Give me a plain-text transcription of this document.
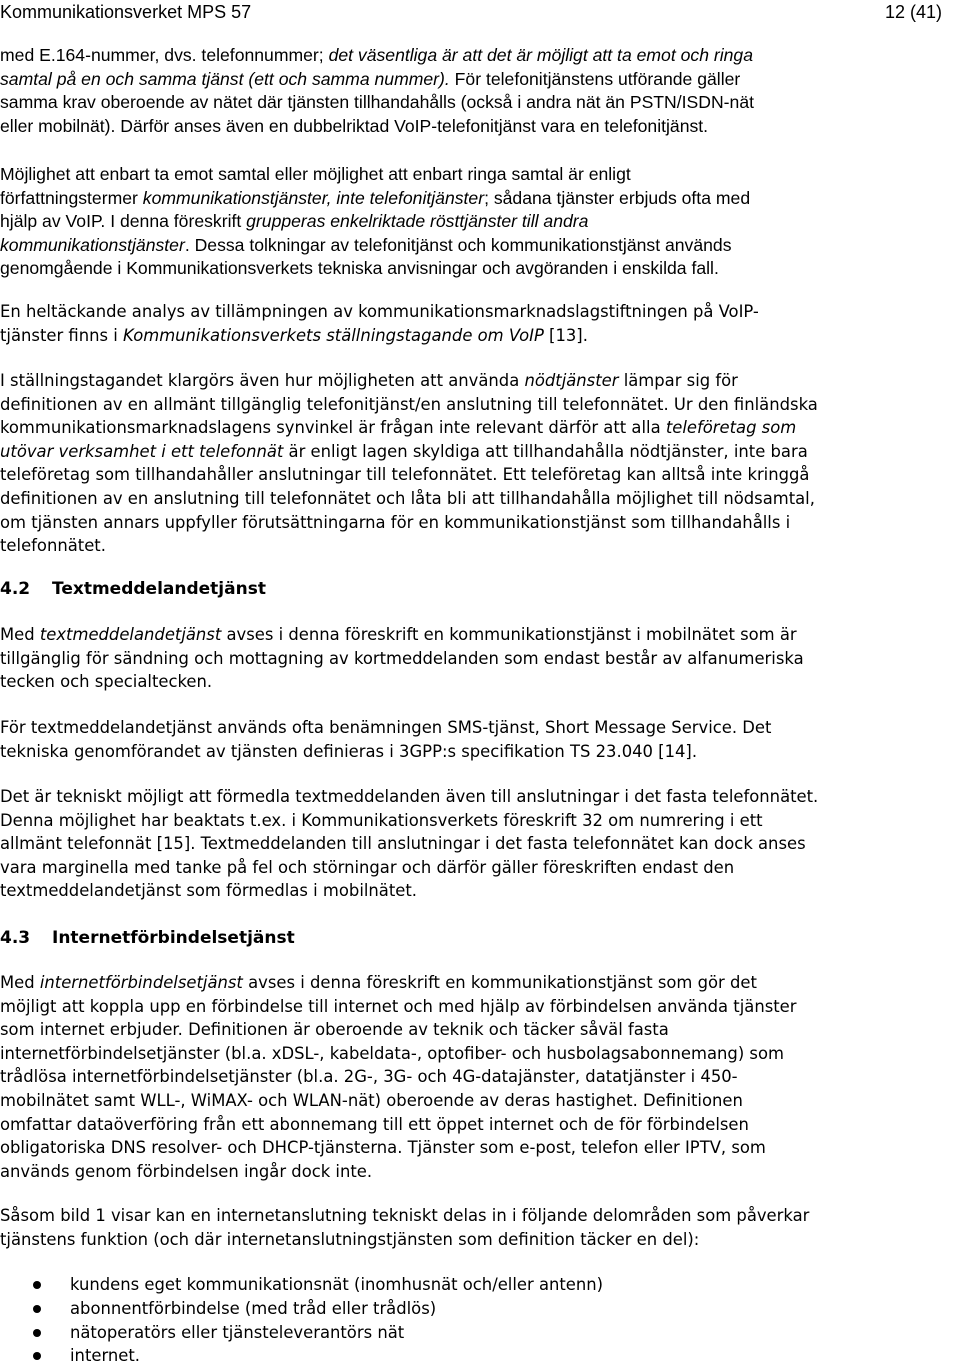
Kommunikationsverket MPS 57	12 (41)

med E.164-nummer, dvs. telefonnummer; det väsentliga är att det är möjligt att ta emot och ringa
samtal på en och samma tjänst (ett och samma nummer). För telefonitjänstens utförande gäller
samma krav oberoende av nätet där tjänsten tillhandahålls (också i andra nät än PSTN/ISDN-nät
eller mobilnät). Därför anses även en dubbelriktad VoIP-telefonitjänst vara en telefonitjänst.

Möjlighet att enbart ta emot samtal eller möjlighet att enbart ringa samtal är enligt
författningstermer kommunikationstjänster, inte telefonitjänster; sådana tjänster erbjuds ofta med
hjälp av VoIP. I denna föreskrift grupperas enkelriktade rösttjänster till andra
kommunikationstjänster. Dessa tolkningar av telefonitjänst och kommunikationstjänst används
genomgående i Kommunikationsverkets tekniska anvisningar och avgöranden i enskilda fall.

En heltäckande analys av tillämpningen av kommunikationsmarknadslagstiftningen på VoIP-
tjänster finns i Kommunikationsverkets ställningstagande om VoIP [13].

I ställningstagandet klargörs även hur möjligheten att använda nödtjänster lämpar sig för
definitionen av en allmänt tillgänglig telefonitjänst/en anslutning till telefonnätet. Ur den finländska
kommunikationsmarknadslagens synvinkel är frågan inte relevant därför att alla teleföretag som
utövar verksamhet i ett telefonnät är enligt lagen skyldiga att tillhandahålla nödtjänster, inte bara
teleföretag som tillhandahåller anslutningar till telefonnätet. Ett teleföretag kan alltså inte kringgå
definitionen av en anslutning till telefonnätet och låta bli att tillhandahålla möjlighet till nödsamtal,
om tjänsten annars uppfyller förutsättningarna för en kommunikationstjänst som tillhandahålls i
telefonnätet.

4.2 Textmeddelandetjänst

Med textmeddelandetjänst avses i denna föreskrift en kommunikationstjänst i mobilnätet som är
tillgänglig för sändning och mottagning av kortmeddelanden som endast består av alfanumeriska
tecken och specialtecken.

För textmeddelandetjänst används ofta benämningen SMS-tjänst, Short Message Service. Det
tekniska genomförandet av tjänsten definieras i 3GPP:s specifikation TS 23.040 [14].

Det är tekniskt möjligt att förmedla textmeddelanden även till anslutningar i det fasta telefonnätet.
Denna möjlighet har beaktats t.ex. i Kommunikationsverkets föreskrift 32 om numrering i ett
allmänt telefonnät [15]. Textmeddelanden till anslutningar i det fasta telefonnätet kan dock anses
vara marginella med tanke på fel och störningar och därför gäller föreskriften endast den
textmeddelandetjänst som förmedlas i mobilnätet.

4.3 Internetförbindelsetjänst

Med internetförbindelsetjänst avses i denna föreskrift en kommunikationstjänst som gör det
möjligt att koppla upp en förbindelse till internet och med hjälp av förbindelsen använda tjänster
som internet erbjuder. Definitionen är oberoende av teknik och täcker såväl fasta
internetförbindelsetjänster (bl.a. xDSL-, kabeldata-, optofiber- och husbolagsabonnemang) som
trådlösa internetförbindelsetjänster (bl.a. 2G-, 3G- och 4G-datajänster, datatjänster i 450-
mobilnätet samt WLL-, WiMAX- och WLAN-nät) oberoende av deras hastighet. Definitionen
omfattar dataöverföring från ett abonnemang till ett öppet internet och de för förbindelsen
obligatoriska DNS resolver- och DHCP-tjänsterna. Tjänster som e-post, telefon eller IPTV, som
används genom förbindelsen ingår dock inte.

Såsom bild 1 visar kan en internetanslutning tekniskt delas in i följande delområden som påverkar
tjänstens funktion (och där internetanslutningstjänsten som definition täcker en del):

kundens eget kommunikationsnät (inomhusnät och/eller antenn)
abonnentförbindelse (med tråd eller trådlös)
nätoperatörs eller tjänsteleverantörs nät
internet.
